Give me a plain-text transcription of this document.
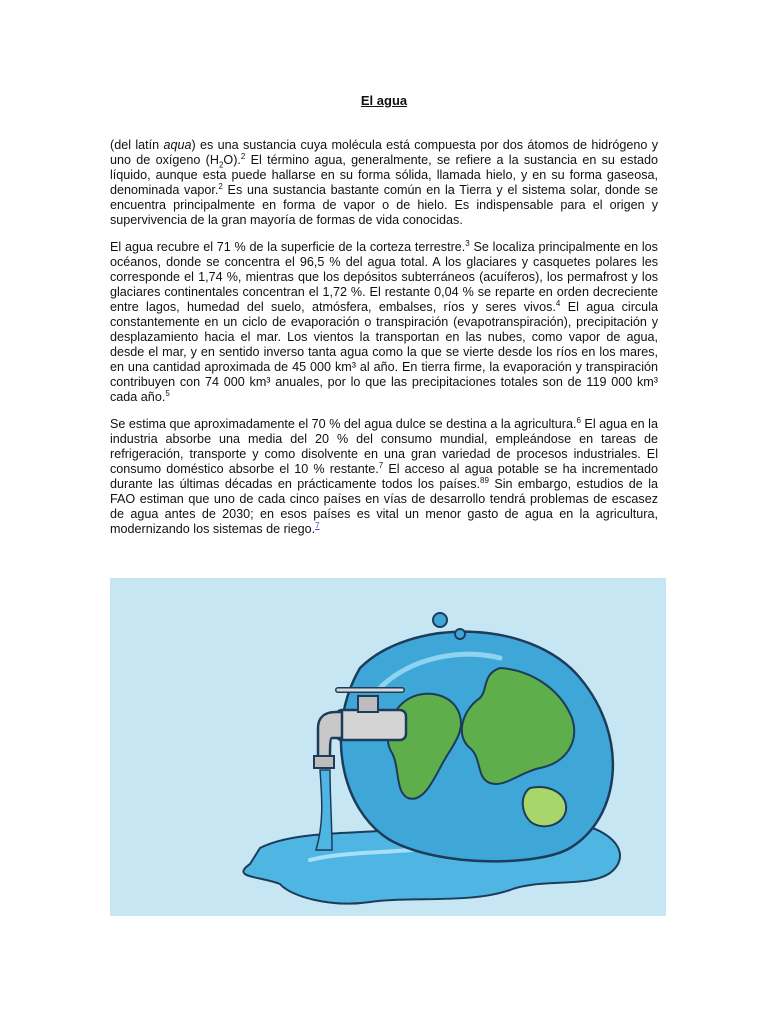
El agua

(del latín aqua) es una sustancia cuya molécula está compuesta por dos átomos de hidrógeno y uno de oxígeno $(H_2O).^2$ El término agua, generalmente, se refiere a la sustancia en su estado líquido, aunque esta puede hallarse en su forma sólida, llamada hielo, y en su forma gaseosa, denominada vapor.$^2$ Es una sustancia bastante común en la Tierra y el sistema solar, donde se encuentra principalmente en forma de vapor o de hielo. Es indispensable para el origen y supervivencia de la gran mayoría de formas de vida conocidas.

El agua recubre el 71 % de la superficie de la corteza terrestre.$^3$ Se localiza principalmente en los océanos, donde se concentra el 96,5 % del agua total. A los glaciares y casquetes polares les corresponde el 1,74 %, mientras que los depósitos subterráneos (acuíferos), los permafrost y los glaciares continentales concentran el 1,72 %. El restante 0,04 % se reparte en orden decreciente entre lagos, humedad del suelo, atmósfera, embalses, ríos y seres vivos.$^4$ El agua circula constantemente en un ciclo de evaporación o transpiración (evapotranspiración), precipitación y desplazamiento hacia el mar. Los vientos la transportan en las nubes, como vapor de agua, desde el mar, y en sentido inverso tanta agua como la que se vierte desde los ríos en los mares, en una cantidad aproximada de 45 000 km³ al año. En tierra firme, la evaporación y transpiración contribuyen con 74 000 km³ anuales, por lo que las precipitaciones totales son de 119 000 km³ cada año.$^5$

Se estima que aproximadamente el 70 % del agua dulce se destina a la agricultura.$^6$ El agua en la industria absorbe una media del 20 % del consumo mundial, empleándose en tareas de refrigeración, transporte y como disolvente en una gran variedad de procesos industriales. El consumo doméstico absorbe el 10 % restante.$^7$ El acceso al agua potable se ha incrementado durante las últimas décadas en prácticamente todos los países.$^{89}$ Sin embargo, estudios de la FAO estiman que uno de cada cinco países en vías de desarrollo tendrá problemas de escasez de agua antes de 2030; en esos países es vital un menor gasto de agua en la agricultura, modernizando los sistemas de riego.$^7$
